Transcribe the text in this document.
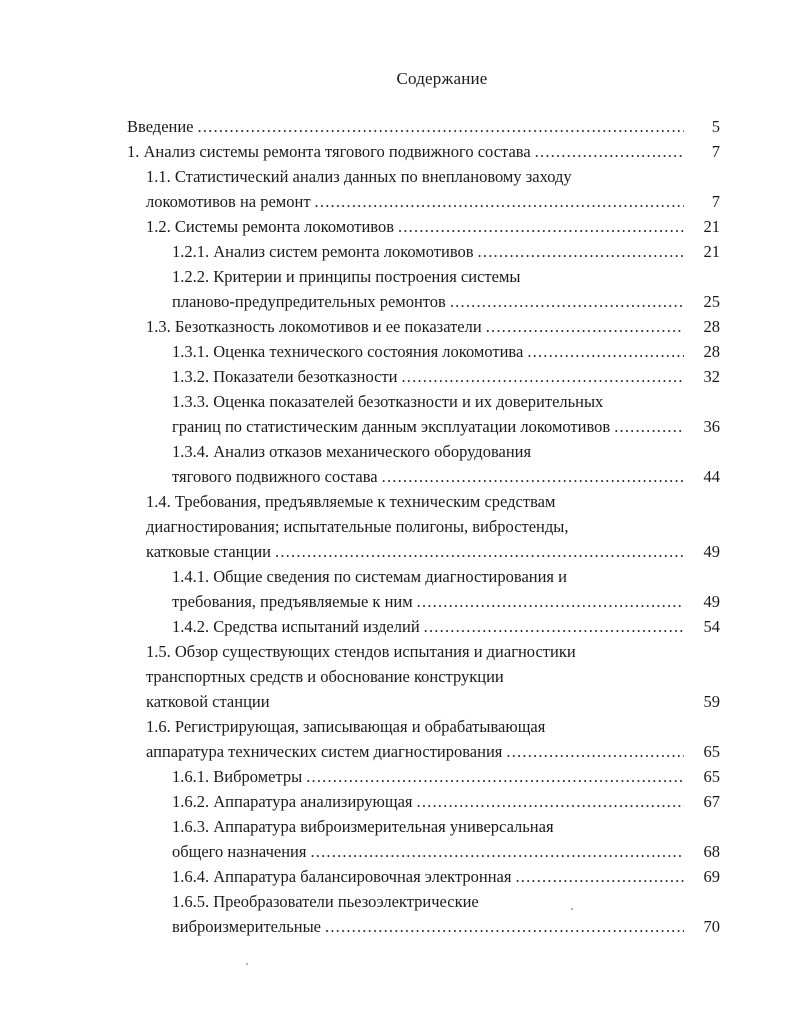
Содержание
Введение .....	5
1. Анализ системы ремонта тягового подвижного состава .....	7
1.1. Статистический анализ данных по внеплановому заходу
локомотивов на ремонт .....	7
1.2. Системы ремонта локомотивов .....	21
1.2.1. Анализ систем ремонта локомотивов .....	21
1.2.2. Критерии и принципы построения системы
планово-предупредительных ремонтов .....	25
1.3. Безотказность локомотивов и ее показатели .....	28
1.3.1. Оценка технического состояния локомотива .....	28
1.3.2. Показатели безотказности .....	32
1.3.3. Оценка показателей безотказности и их доверительных
границ по статистическим данным эксплуатации локомотивов .....	36
1.3.4. Анализ отказов механического оборудования
тягового подвижного состава .....	44
1.4. Требования, предъявляемые к техническим средствам
диагностирования; испытательные полигоны, вибростенды,
катковые станции .....	49
1.4.1. Общие сведения по системам диагностирования и
требования, предъявляемые к ним .....	49
1.4.2. Средства испытаний изделий .....	54
1.5. Обзор существующих стендов испытания и диагностики
транспортных средств и обоснование конструкции
катковой станции	59
1.6. Регистрирующая, записывающая и обрабатывающая
аппаратура технических систем диагностирования .....	65
1.6.1. Виброметры .....	65
1.6.2. Аппаратура анализирующая .....	67
1.6.3. Аппаратура виброизмерительная универсальная
общего назначения .....	68
1.6.4. Аппаратура балансировочная электронная .....	69
1.6.5. Преобразователи пьезоэлектрические
виброизмерительные .....	70
